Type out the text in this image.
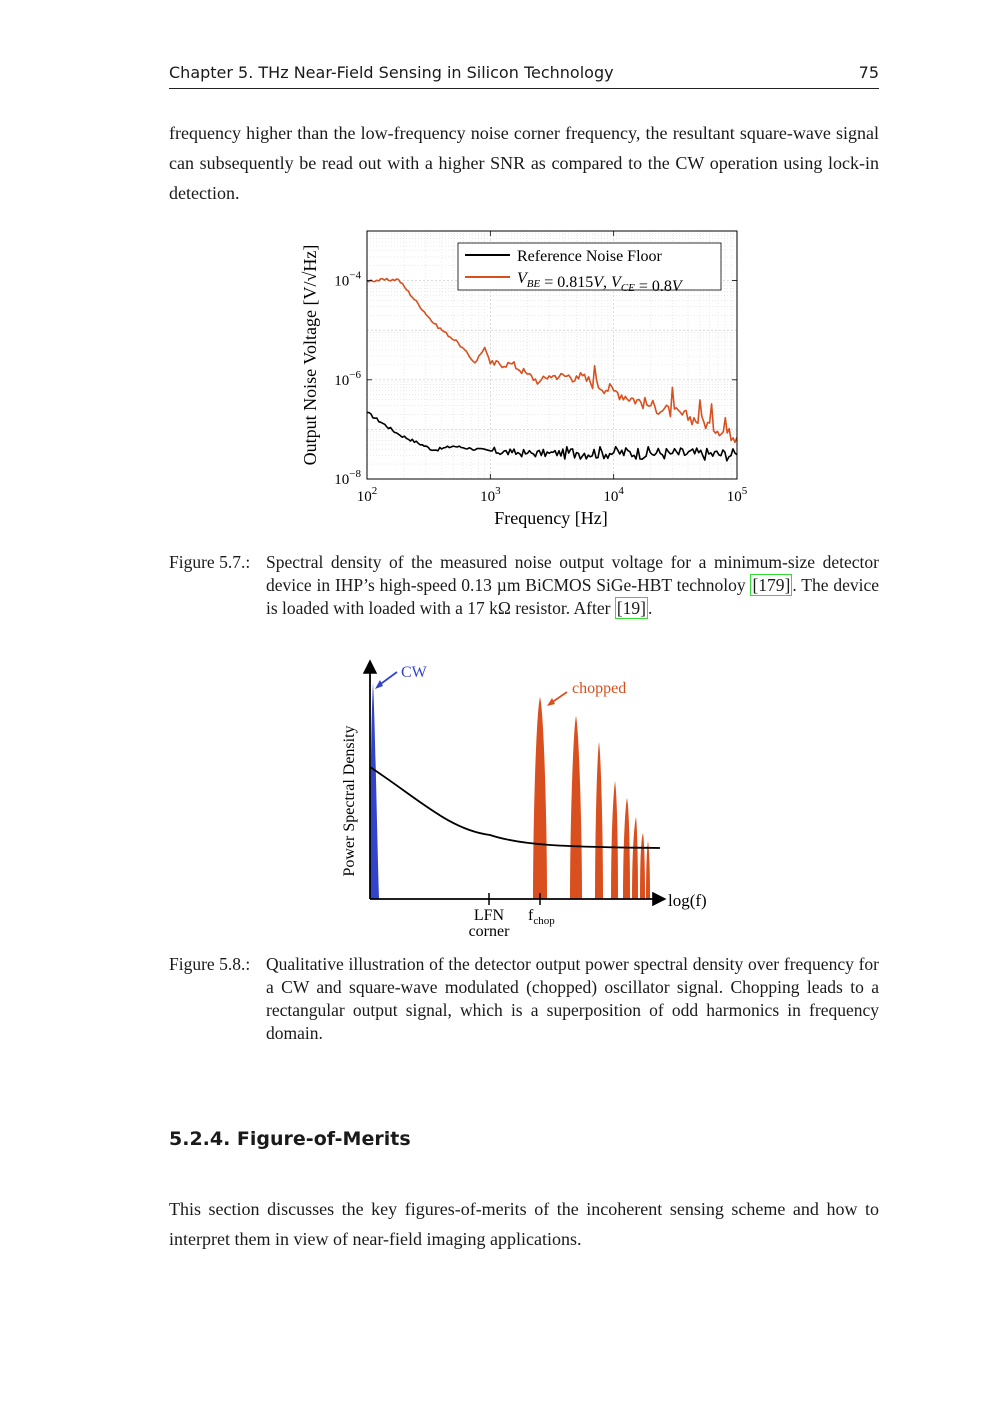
Chapter 5. THz Near-Field Sensing in Silicon Technology	75
frequency higher than the low-frequency noise corner frequency, the resultant square-wave signal can subsequently be read out with a higher SNR as compared to the CW operation using lock-in detection.
$10^2$	$10^3$	$10^4$	$10^5$
$10^{-8}$
$10^{-6}$
$10^{-4}$
Reference Noise Floor
$V_{BE} = 0.815V$, $V_{CE} = 0.8V$
Frequency [Hz]
Output Noise Voltage [V/√Hz]
Figure 5.7.: Spectral density of the measured noise output voltage for a minimum-size detector device in IHP’s high-speed 0.13 µm BiCMOS SiGe-HBT technoloy [179] . The device is loaded with loaded with a 17 kΩ resistor. After [19] .
CW
chopped
Power Spectral Density
log(f)
LFN
corner
$f_{chop}$
Figure 5.8.: Qualitative illustration of the detector output power spectral density over frequency for a CW and square-wave modulated (chopped) oscillator signal. Chopping leads to a rectangular output signal, which is a superposition of odd harmonics in frequency domain.
5.2.4. Figure-of-Merits
This section discusses the key figures-of-merits of the incoherent sensing scheme and how to interpret them in view of near-field imaging applications.
